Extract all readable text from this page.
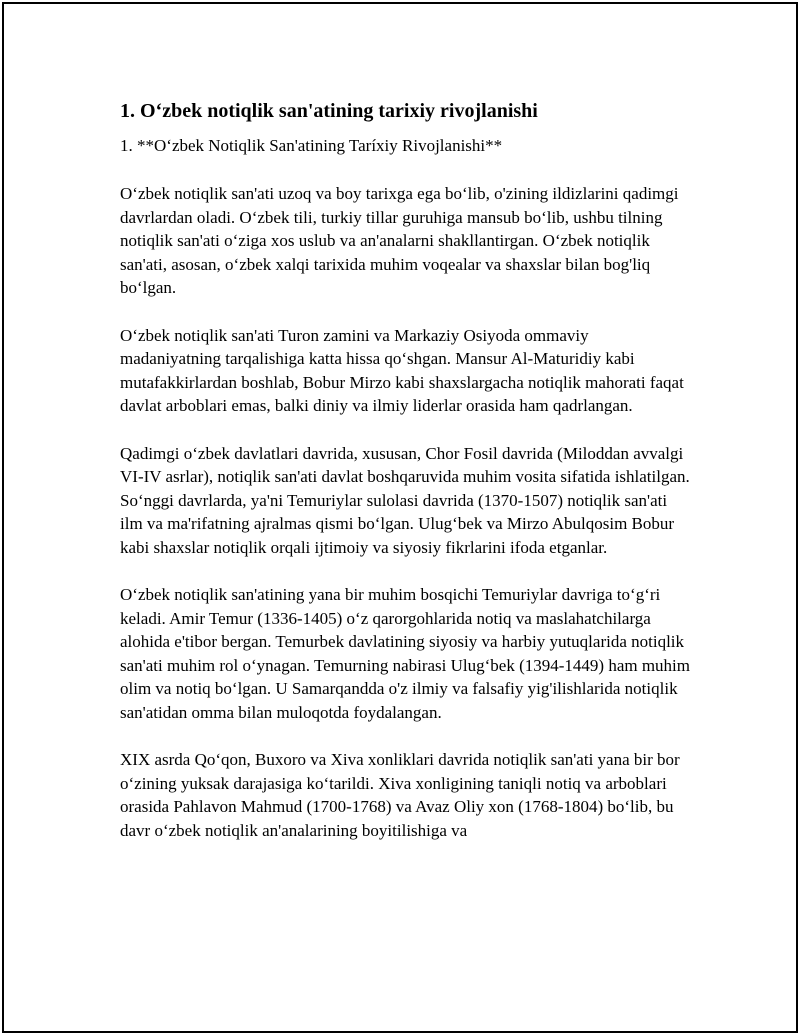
1. O‘zbek notiqlik san'atining tarixiy rivojlanishi

1. **O‘zbek Notiqlik San'atining Taríxiy Rivojlanishi**

O‘zbek notiqlik san'ati uzoq va boy tarixga ega bo‘lib, o'zining ildizlarini qadimgi davrlardan oladi. O‘zbek tili, turkiy tillar guruhiga mansub bo‘lib, ushbu tilning notiqlik san'ati o‘ziga xos uslub va an'analarni shakllantirgan. O‘zbek notiqlik san'ati, asosan, o‘zbek xalqi tarixida muhim voqealar va shaxslar bilan bog'liq bo‘lgan.

O‘zbek notiqlik san'ati Turon zamini va Markaziy Osiyoda ommaviy madaniyatning tarqalishiga katta hissa qo‘shgan. Mansur Al-Maturidiy kabi mutafakkirlardan boshlab, Bobur Mirzo kabi shaxslargacha notiqlik mahorati faqat davlat arboblari emas, balki diniy va ilmiy liderlar orasida ham qadrlangan.

Qadimgi o‘zbek davlatlari davrida, xususan, Chor Fosil davrida (Miloddan avvalgi VI-IV asrlar), notiqlik san'ati davlat boshqaruvida muhim vosita sifatida ishlatilgan. So‘nggi davrlarda, ya'ni Temuriylar sulolasi davrida (1370-1507) notiqlik san'ati ilm va ma'rifatning ajralmas qismi bo‘lgan. Ulug‘bek va Mirzo Abulqosim Bobur kabi shaxslar notiqlik orqali ijtimoiy va siyosiy fikrlarini ifoda etganlar.

O‘zbek notiqlik san'atining yana bir muhim bosqichi Temuriylar davriga to‘g‘ri keladi. Amir Temur (1336-1405) o‘z qarorgohlarida notiq va maslahatchilarga alohida e'tibor bergan. Temurbek davlatining siyosiy va harbiy yutuqlarida notiqlik san'ati muhim rol o‘ynagan. Temurning nabirasi Ulug‘bek (1394-1449) ham muhim olim va notiq bo‘lgan. U Samarqandda o'z ilmiy va falsafiy yig'ilishlarida notiqlik san'atidan omma bilan muloqotda foydalangan.

XIX asrda Qo‘qon, Buxoro va Xiva xonliklari davrida notiqlik san'ati yana bir bor o‘zining yuksak darajasiga ko‘tarildi. Xiva xonligining taniqli notiq va arboblari orasida Pahlavon Mahmud (1700-1768) va Avaz Oliy xon (1768-1804) bo‘lib, bu davr o‘zbek notiqlik an'analarining boyitilishiga va
